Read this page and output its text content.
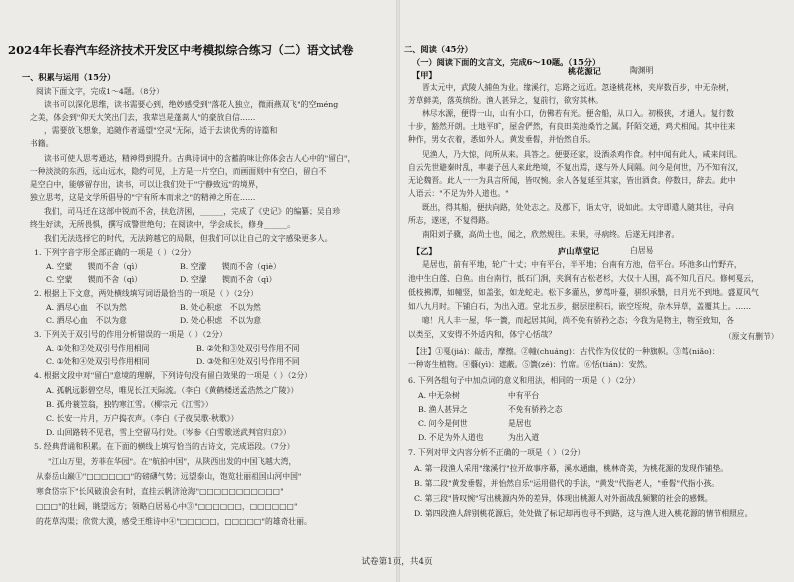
2024年长春汽车经济技术开发区中考模拟综合练习（二）语文试卷
一、积累与运用（15分）
阅读下面文字，完成1～4题。（8分）
读书可以深化思维，读书需要心到，绝妙感受到"落花人独立，微雨燕双飞"的空méng
之美，体会到"仰天大笑出门去，我辈岂是蓬蒿人"的豪放自信……
，需要放飞想象，追随作者遥望"空灵"无际，适于去读优秀的诗篇和
书籍。
读书可使人思考通达，精神得到提升。古典诗词中的含蓄韵味让你体会古人心中的"留白"，
一种淡淡的东西，远山远水，隐约可见，上方是一片空白，而画面则中有空白，留白不
是空白中，能够留存出，读书，可以让我们处于"宁静致远"的境界，
独立思考，这是文学所倡导的"宁有所本而求之"的精神之所在……
我们，司马迁在这部中锐而不舍，扶危济困，______，完成了《史记》的编纂；吴自珍
终生好读，无所畏惧，撰写成警世绝句；在阅读中，学会成长，修身______。
我们无法选择它的时代，无法跨越它的局限，但我们可以让自己的文字感染更多人。
1. 下列字音字形全部正确的一项是（ ）（2分）
A. 空蒙　　锲而不舍（qì）	B. 空濛　　锲而不舍（qiè）
C. 空蒙　　锲而不舍（qì）	D. 空濛　　锲而不舍（qì）
2. 根据上下文意，两处横线填写词语最恰当的一项是（ ）（2分）
A. 洒尽心血　不以为然	B. 处心积虑　不以为然
C. 洒尽心血　不以为意	D. 处心积虑　不以为意
3. 下列关于双引号的作用分析错误的一项是（ ）（2分）
A. ①处和②处双引号作用相同	B. ②处和③处双引号作用不同
C. ①处和④处双引号作用相同	D. ③处和④处双引号作用不同
4. 根据文段中对"留白"意境的理解，下列诗句没有留白效果的一项是（ ）（2分）
A. 孤帆远影碧空尽，唯见长江天际流。（李白《黄鹤楼送孟浩然之广陵》）
B. 孤舟蓑笠翁，独钓寒江雪。（柳宗元《江雪》）
C. 长安一片月，万户捣衣声。（李白《子夜吴歌·秋歌》）
D. 山回路转不见君，雪上空留马行处。（岑参《白雪歌送武判官归京》）
5. 经典背诵和积累。在下面的横线上填写恰当的古诗文，完成语段。（7分）
"江山万里，芳菲在华园"。在"航拍中国"，从陕西出发的中国飞越大湾，
从泰岳山巅①"□□□□□□"的磅礴气势；远望泰山，饱览壮丽祖国山河中国"
寒食岱宗下"长风破浪会有时，直挂云帆济沧海"□□□□□□□□□□□"
□□□"的壮阔，眺望远方；领略白居易心中③"□□□□□□，□□□□□□"
的花草沟渠；欣赏大漠，感受王维诗中④"□□□□□，□□□□□"的雄奇壮丽。
二、阅读（45分）
（一）阅读下面的文言文，完成6～10题。（15分）
【甲】	桃花源记	陶渊明
晋太元中，武陵人捕鱼为业。缘溪行，忘路之远近。忽逢桃花林，夹岸数百步，中无杂树，
芳草鲜美，落英缤纷。渔人甚异之，复前行，欲穷其林。
林尽水源，便得一山，山有小口，仿佛若有光。便舍船，从口入。初极狭，才通人。复行数
十步，豁然开朗。土地平旷，屋舍俨然，有良田美池桑竹之属。阡陌交通，鸡犬相闻。其中往来
种作，男女衣着，悉如外人。黄发垂髫，并怡然自乐。
见渔人，乃大惊，问所从来。具答之。便要还家，设酒杀鸡作食。村中闻有此人，咸来问讯。
自云先世避秦时乱，率妻子邑人来此绝境，不复出焉，遂与外人间隔。问今是何世，乃不知有汉，
无论魏晋。此人一一为具言所闻，皆叹惋。余人各复延至其家，皆出酒食。停数日，辞去。此中
人语云："不足为外人道也。"
既出，得其船，便扶向路，处处志之。及郡下，诣太守，说如此。太守即遣人随其往，寻向
所志，遂迷，不复得路。
南阳刘子骥，高尚士也，闻之，欣然规往。未果，寻病终。后遂无问津者。
【乙】	庐山草堂记	白居易
是居也，前有平地，轮广十丈；中有平台，半平地；台南有方池，倍平台。环池多山竹野卉，
池中生白莲、白鱼。由台南行，抵石门涧，夹涧有古松老杉，大仅十人围，高不知几百尺。修柯戛云，
低枝拂潭，如幢竖，如盖张，如龙蛇走。松下多灌丛，萝茑叶蔓，骈织承翳，日月光不到地。盛夏风气
如八九月时。下铺白石，为出入道。堂北五步，据层崖积石，嵌空垤堄，杂木异草，盖覆其上。……
噫！凡人丰一屋，华一簀，而起居其间，尚不免有骄矜之态；今我为是物主，物至致知，各
以类至，又安得不外适内和，体宁心恬哉？	（原文有删节）
【注】①戛(jiá)：敲击，摩擦。②幢(chuáng)：古代作为仪仗的一种旗帜。③茑(niǎo)：
一种寄生植物。④蘙(yì)：遮蔽。⑤簀(zé)：竹席。⑥恬(tián)：安然。
6. 下列各组句子中加点词的意义和用法，相同的一项是（ ）（2分）
A. 中无杂树	中有平台
B. 渔人甚异之	不免有骄矜之态
C. 问今是何世	是居也
D. 不足为外人道也	为出入道
7. 下列对甲文内容分析不正确的一项是（ ）（2分）
A. 第一段渔人采用"缘溪行"拉开故事序幕，溪水通幽，桃林奇美，为桃花源的发现作铺垫。
B. 第二段"黄发垂髫，并怡然自乐"运用借代的手法，"黄发"代指老人，"垂髫"代指小孩。
C. 第三段"皆叹惋"写出桃源内外的差异，体现出桃源人对外面战乱频繁的社会的感慨。
D. 第四段渔人辞别桃花源后，处处做了标记却再也寻不到路，这与渔人进入桃花源的情节相照应。
试卷第1页，共4页
